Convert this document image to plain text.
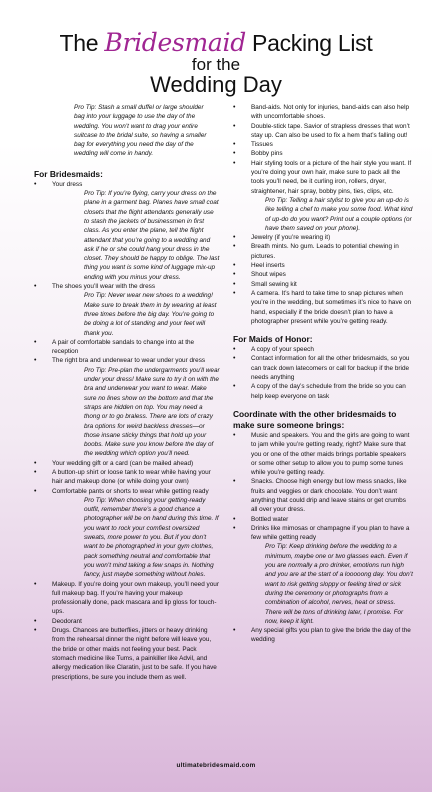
The Bridesmaid Packing List
for the
Wedding Day
Pro Tip: Stash a small duffel or large shoulder bag into your luggage to use the day of the wedding. You won’t want to drag your entire suitcase to the bridal suite, so having a smaller bag for everything you need the day of the wedding will come in handy.
For Bridesmaids:
• Your dress
Pro Tip: If you’re flying, carry your dress on the plane in a garment bag. Planes have small coat closets that the flight attendants generally use to stash the jackets of businessmen in first class. As you enter the plane, tell the flight attendant that you’re going to a wedding and ask if he or she could hang your dress in the closet. They should be happy to oblige. The last thing you want is some kind of luggage mix-up ending with you minus your dress.
• The shoes you’ll wear with the dress
Pro Tip: Never wear new shoes to a wedding! Make sure to break them in by wearing at least three times before the big day. You’re going to be doing a lot of standing and your feet will thank you.
• A pair of comfortable sandals to change into at the reception
• The right bra and underwear to wear under your dress
Pro Tip: Pre-plan the undergarments you’ll wear under your dress! Make sure to try it on with the bra and underwear you want to wear. Make sure no lines show on the bottom and that the straps are hidden on top. You may need a thong or to go braless. There are lots of crazy bra options for weird backless dresses—or those insane sticky things that hold up your boobs. Make sure you know before the day of the wedding which option you’ll need.
• Your wedding gift or a card (can be mailed ahead)
• A button-up shirt or loose tank to wear while having your hair and makeup done (or while doing your own)
• Comfortable pants or shorts to wear while getting ready
Pro Tip: When choosing your getting-ready outfit, remember there’s a good chance a photographer will be on hand during this time. If you want to rock your comfiest oversized sweats, more power to you. But if you don’t want to be photographed in your gym clothes, pack something neutral and comfortable that you won’t mind taking a few snaps in. Nothing fancy, just maybe something without holes.
• Makeup. If you’re doing your own makeup, you’ll need your full makeup bag. If you’re having your makeup professionally done, pack mascara and lip gloss for touch-ups.
• Deodorant
• Drugs. Chances are butterflies, jitters or heavy drinking from the rehearsal dinner the night before will leave you, the bride or other maids not feeling your best. Pack stomach medicine like Tums, a painkiller like Advil, and allergy medication like Claratin, just to be safe. If you have prescriptions, be sure you include them as well.
• Band-aids. Not only for injuries, band-aids can also help with uncomfortable shoes.
• Double-stick tape. Savior of strapless dresses that won’t stay up. Can also be used to fix a hem that’s falling out!
• Tissues
• Bobby pins
• Hair styling tools or a picture of the hair style you want. If you’re doing your own hair, make sure to pack all the tools you’ll need, be it curling iron, rollers, dryer, straightener, hair spray, bobby pins, ties, clips, etc.
Pro Tip: Telling a hair stylist to give you an up-do is like telling a chef to make you some food. What kind of up-do do you want? Print out a couple options (or have them saved on your phone).
• Jewelry (if you’re wearing it)
• Breath mints. No gum. Leads to potential chewing in pictures.
• Heel inserts
• Shout wipes
• Small sewing kit
• A camera. It’s hard to take time to snap pictures when you’re in the wedding, but sometimes it’s nice to have on hand, especially if the bride doesn’t plan to have a photographer present while you’re getting ready.
For Maids of Honor:
• A copy of your speech
• Contact information for all the other bridesmaids, so you can track down latecomers or call for backup if the bride needs anything
• A copy of the day’s schedule from the bride so you can help keep everyone on task
Coordinate with the other bridesmaids to make sure someone brings:
• Music and speakers. You and the girls are going to want to jam while you’re getting ready, right? Make sure that you or one of the other maids brings portable speakers or some other setup to allow you to pump some tunes while you’re getting ready.
• Snacks. Choose high energy but low mess snacks, like fruits and veggies or dark chocolate. You don’t want anything that could drip and leave stains or get crumbs all over your dress.
• Bottled water
• Drinks like mimosas or champagne if you plan to have a few while getting ready
Pro Tip: Keep drinking before the wedding to a minimum, maybe one or two glasses each. Even if you are normally a pro drinker, emotions run high and you are at the start of a looooong day. You don’t want to risk getting sloppy or feeling tired or sick during the ceremony or photographs from a combination of alcohol, nerves, heat or stress. There will be tons of drinking later, I promise. For now, keep it light.
• Any special gifts you plan to give the bride the day of the wedding
ultimatebridesmaid.com
